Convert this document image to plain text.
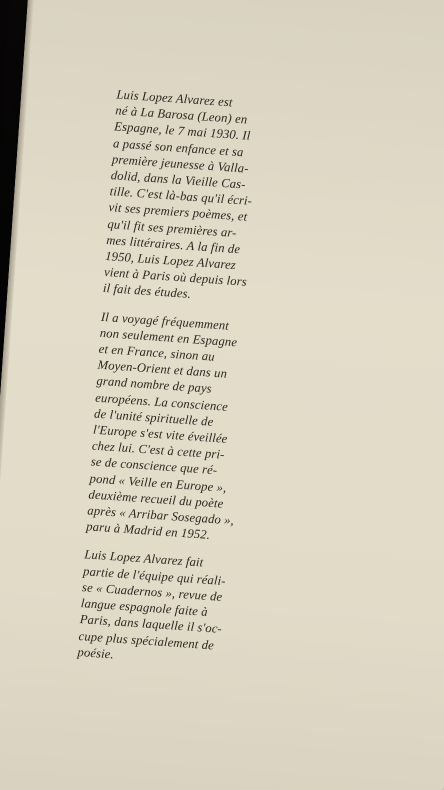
Luis Lopez Alvarez est
né à La Barosa (Leon) en
Espagne, le 7 mai 1930. Il
a passé son enfance et sa
première jeunesse à Valla-
dolid, dans la Vieille Cas-
tille. C'est là-bas qu'il écri-
vit ses premiers poèmes, et
qu'il fit ses premières ar-
mes littéraires. A la fin de
1950, Luis Lopez Alvarez
vient à Paris où depuis lors
il fait des études.

Il a voyagé fréquemment
non seulement en Espagne
et en France, sinon au
Moyen-Orient et dans un
grand nombre de pays
européens. La conscience
de l'unité spirituelle de
l'Europe s'est vite éveillée
chez lui. C'est à cette pri-
se de conscience que ré-
pond « Veille en Europe »,
deuxième recueil du poète
après « Arribar Sosegado »,
paru à Madrid en 1952.

Luis Lopez Alvarez fait
partie de l'équipe qui réali-
se « Cuadernos », revue de
langue espagnole faite à
Paris, dans laquelle il s'oc-
cupe plus spécialement de
poésie.
